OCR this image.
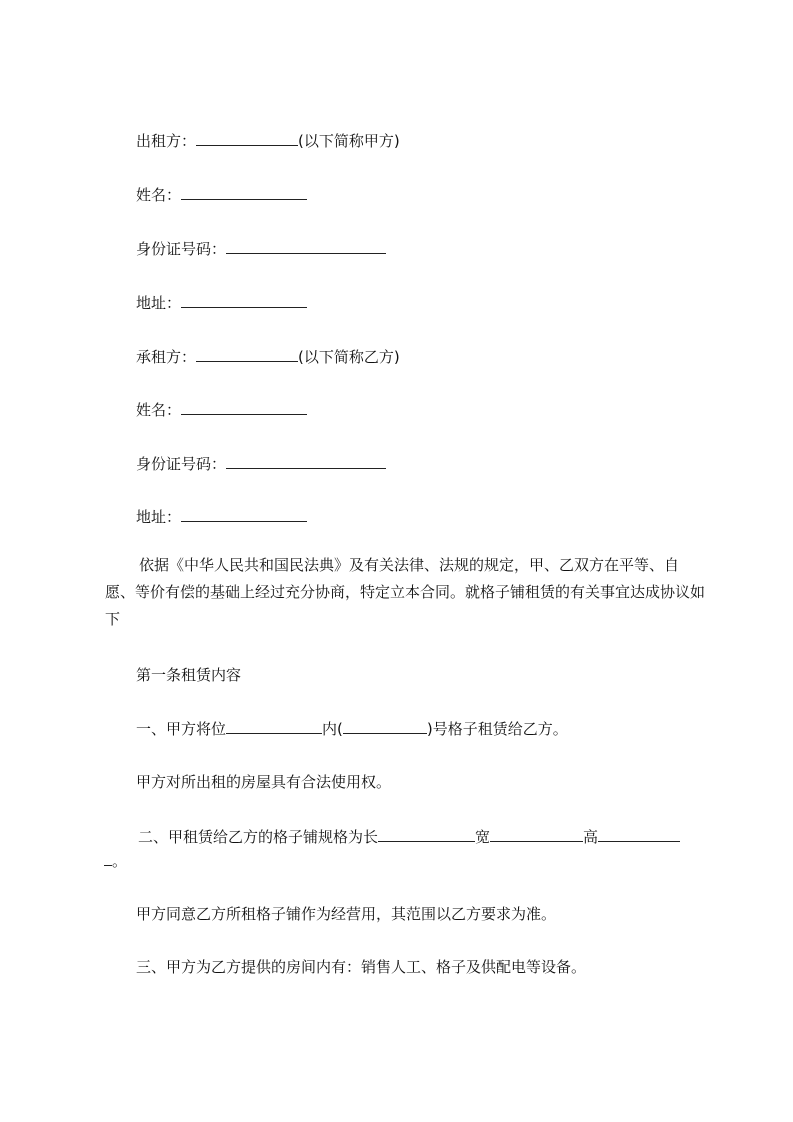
出租方：	(以下简称甲方)
姓名：
身份证号码：
地址：
承租方：	(以下简称乙方)
姓名：
身份证号码：
地址：
依据《中华人民共和国民法典》及有关法律、法规的规定，甲、乙双方在平等、自愿、等价有偿的基础上经过充分协商，特定立本合同。就格子铺租赁的有关事宜达成协议如下
第一条租赁内容
一、甲方将位	内(	)号格子租赁给乙方。
甲方对所出租的房屋具有合法使用权。
二、甲租赁给乙方的格子铺规格为长	宽	高
。
甲方同意乙方所租格子铺作为经营用，其范围以乙方要求为准。
三、甲方为乙方提供的房间内有：销售人工、格子及供配电等设备。
